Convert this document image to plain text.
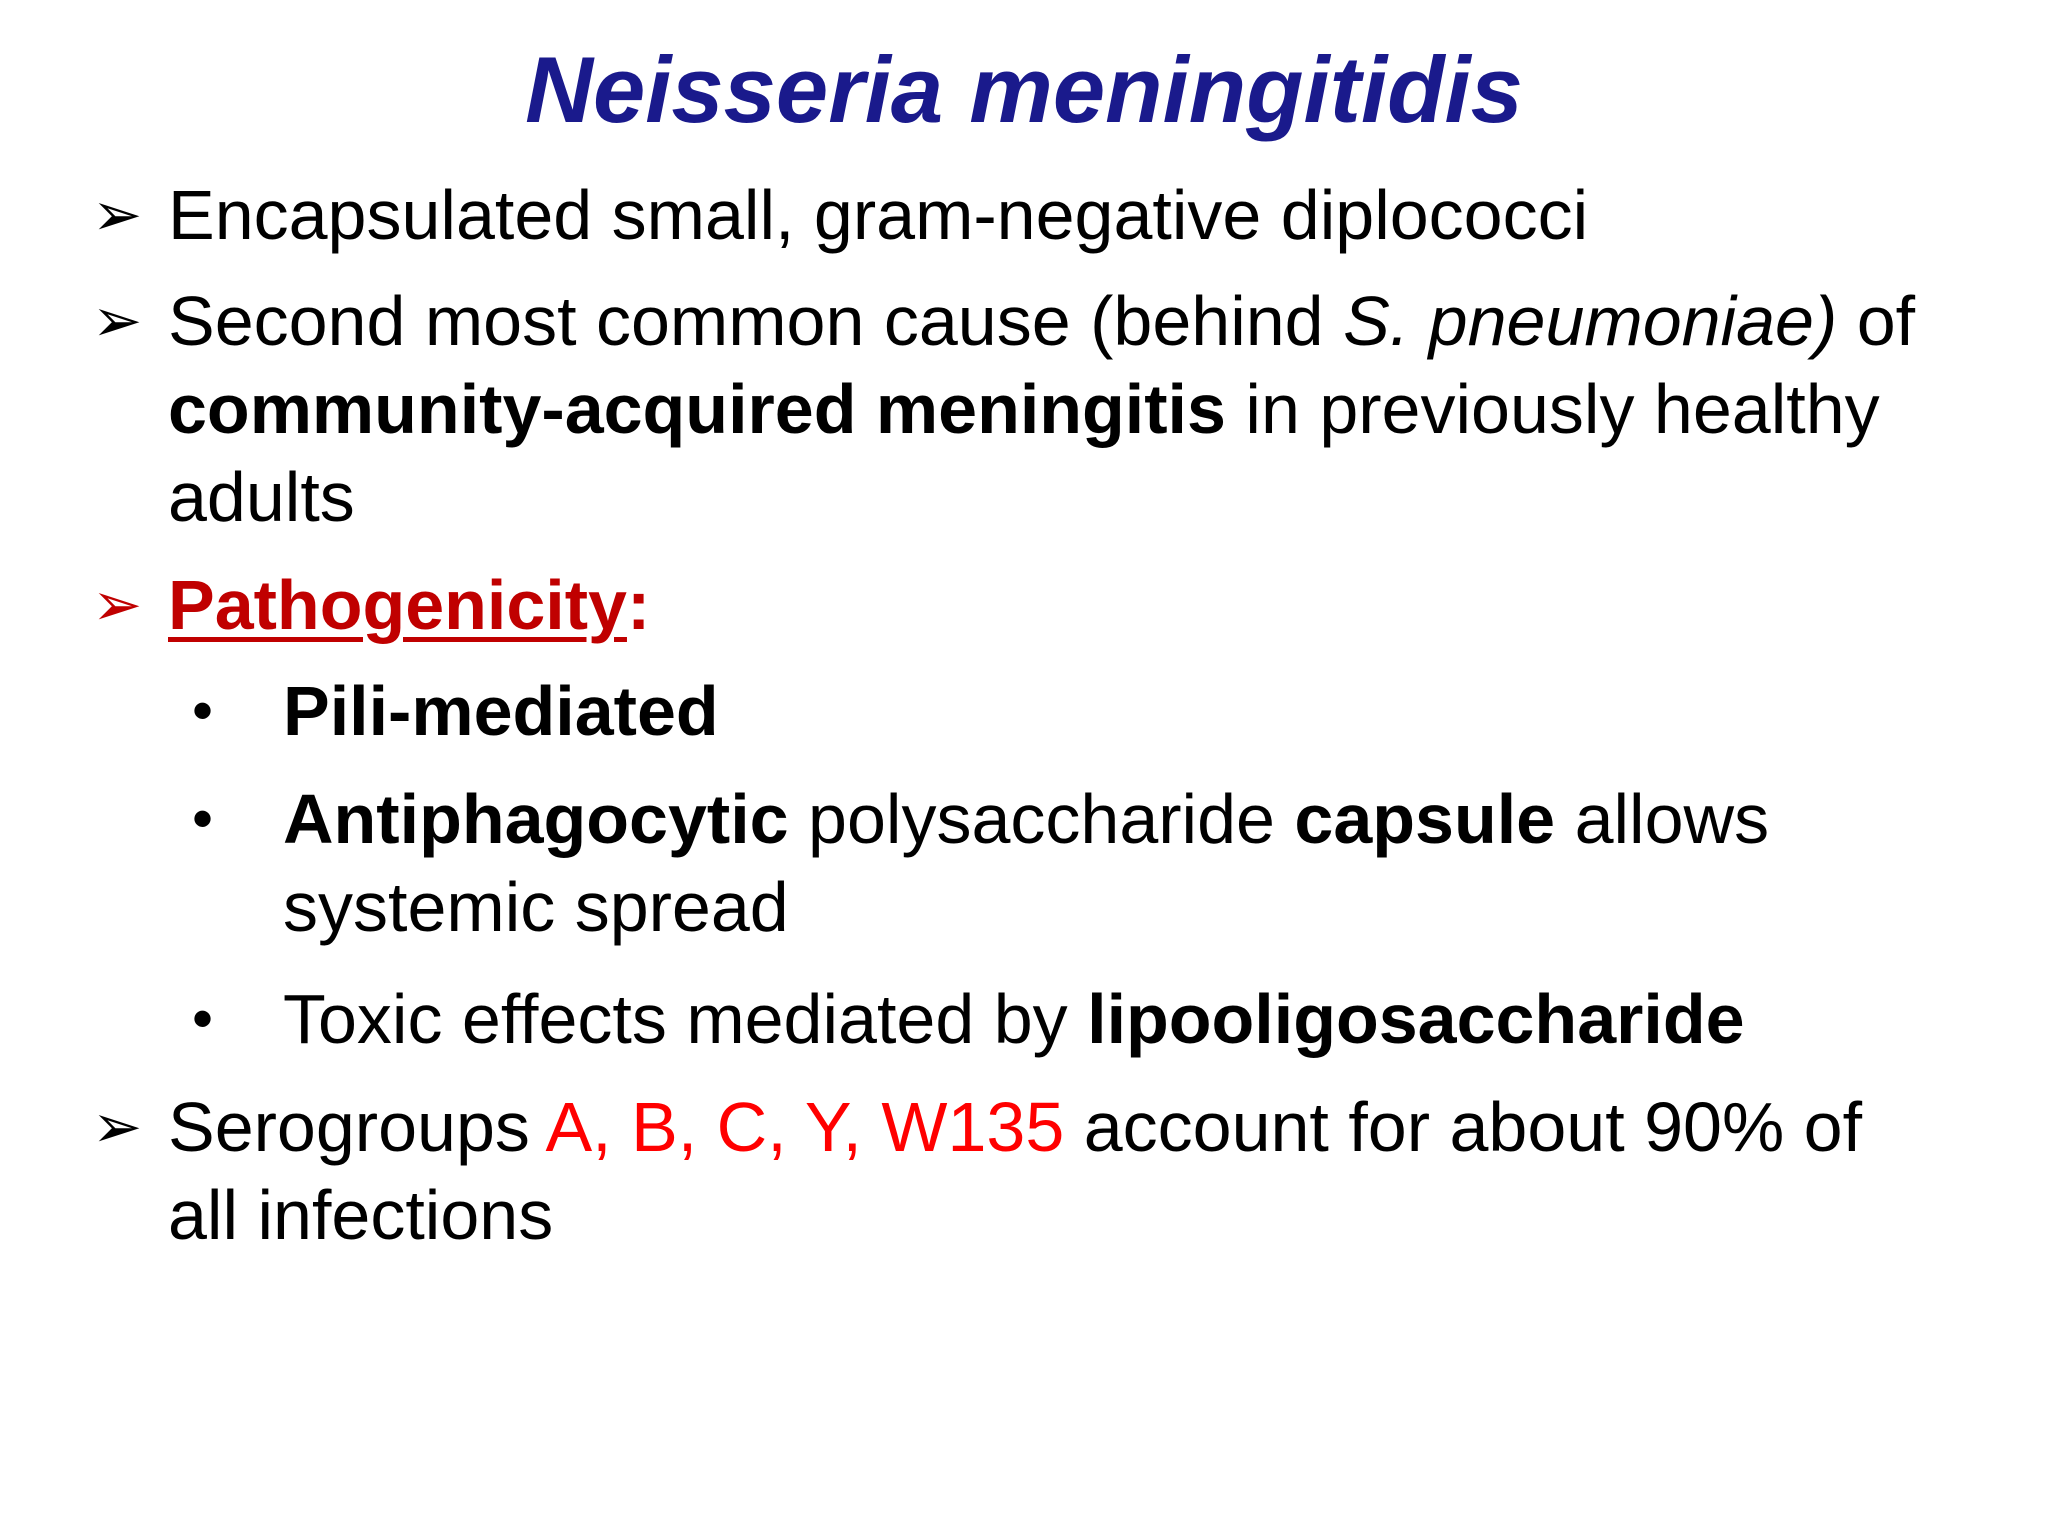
Neisseria meningitidis
➢ Encapsulated small, gram-negative diplococci
➢ Second most common cause (behind S. pneumoniae) of
community-acquired meningitis in previously healthy
adults
➢ Pathogenicity:
• Pili-mediated
• Antiphagocytic polysaccharide capsule allows
systemic spread
• Toxic effects mediated by lipooligosaccharide
➢ Serogroups A, B, C, Y, W135 account for about 90% of
all infections
